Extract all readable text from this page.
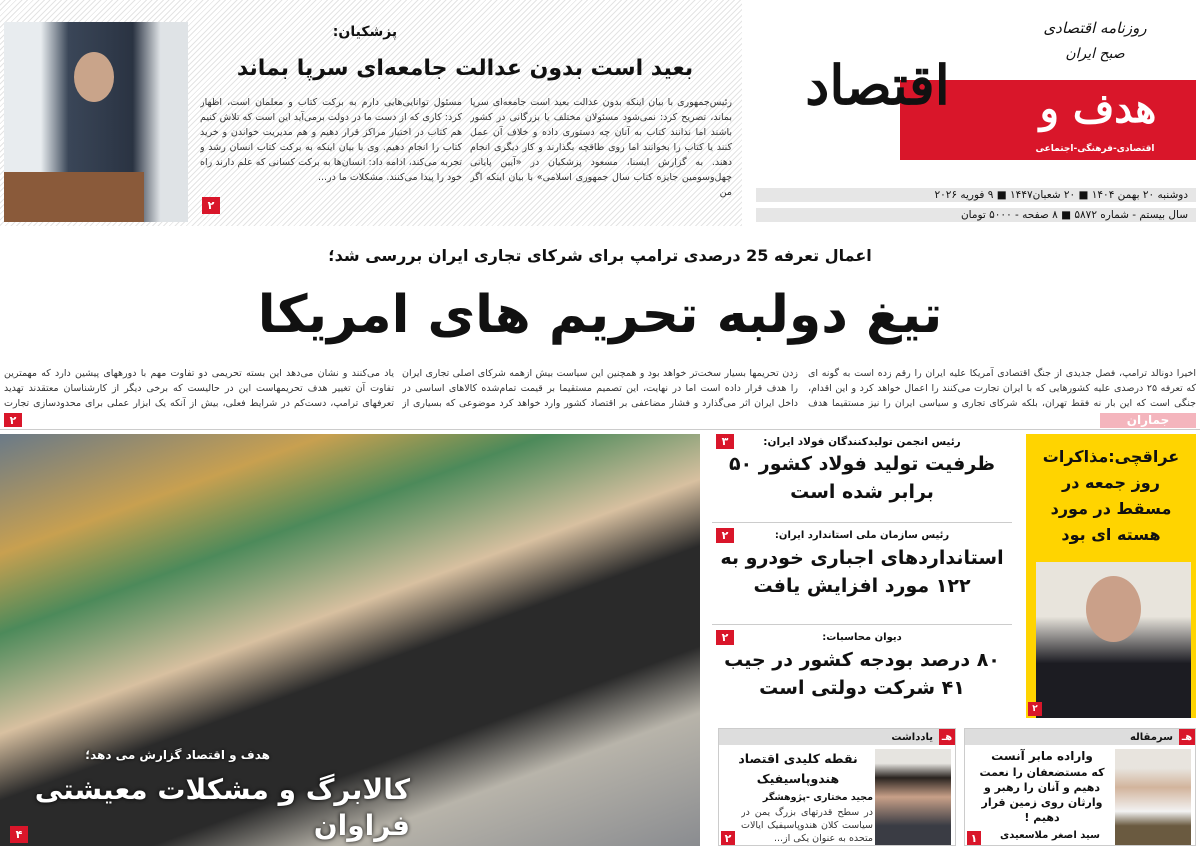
۲
پزشکیان:
بعید است بدون عدالت جامعه‌ای سرپا بماند
رئیس‌جمهوری با بیان اینکه بدون عدالت بعید است جامعه‌ای سرپا بماند، تصریح کرد: نمی‌شود مسئولان مختلف یا بزرگانی در کشور باشند اما ندانند کتاب به آنان چه دستوری داده و خلاف آن عمل کنند یا کتاب را بخوانند اما روی طاقچه بگذارند و کار دیگری انجام دهند. به گزارش ایسنا، مسعود پزشکیان در «آیین پایانی چهل‌وسومین جایزه کتاب سال جمهوری اسلامی» با بیان اینکه اگر من
مسئول توانایی‌هایی دارم به برکت کتاب و معلمان است، اظهار کرد: کاری که از دست ما در دولت برمی‌آید این است که تلاش کنیم هم کتاب در اختیار مراکز قرار دهیم و هم مدیریت خواندن و خرید کتاب را انجام دهیم. وی با بیان اینکه به برکت کتاب انسان رشد و تجربه می‌کند، ادامه داد: انسان‌ها به برکت کسانی که علم دارند راه خود را پیدا می‌کنند. مشکلات ما در...
روزنامه اقتصادی
صبح ایران
اقتصاد	هدف و
اقتصادی-فرهنگی-اجتماعی
دوشنبه ۲۰ بهمن ۱۴۰۴ ■ ۲۰ شعبان۱۴۴۷ ■ ۹ فوریه ۲۰۲۶
سال بیستم - شماره ۵۸۷۲ ■ ۸ صفحه - ۵۰۰۰ تومان
اعمال تعرفه 25 درصدی ترامپ برای شرکای تجاری ایران بررسی شد؛
تیغ دولبه تحریم های امریکا
اخیرا دونالد ترامپ، فصل جدیدی از جنگ اقتصادی آمریکا علیه ایران را رقم زده است به گونه ای که تعرفه ۲۵ درصدی علیه کشورهایی که با ایران تجارت می‌کنند را اعمال خواهد کرد و این اقدام، جنگی است که این بار نه فقط تهران، بلکه شرکای تجاری و سیاسی ایران را نیز مستقیما هدف
زدن تحریمها بسیار سخت‌تر خواهد بود و همچنین این سیاست بیش ازهمه شرکای اصلی تجاری ایران را هدف قرار داده است اما در نهایت، این تصمیم مستقیما بر قیمت تمام‌شده کالاهای اساسی در داخل ایران اثر می‌گذارد و فشار مضاعفی بر اقتصاد کشور وارد خواهد کرد موضوعی که بسیاری از
یاد می‌کنند و نشان می‌دهد این بسته تحریمی دو تفاوت مهم با دورههای پیشین دارد که مهمترین تفاوت آن تغییر هدف تحریمهاست این در حالیست که برخی دیگر از کارشناسان معتقدند تهدید تعرفهای ترامپ، دست‌کم در شرایط فعلی، بیش از آنکه یک ابزار عملی برای محدودسازی تجارت
۲	جماران
هدف و اقتصاد گزارش می دهد؛
کالابرگ و مشکلات معیشتی فراوان
۴
رئیس انجمن تولیدکنندگان فولاد ایران:
ظرفیت تولید فولاد کشور ۵۰ برابر شده است
۳
رئیس سازمان ملی استاندارد ایران:
استانداردهای اجباری خودرو به ۱۲۲ مورد افزایش یافت
۲
دیوان محاسبات:
۸۰ درصد بودجه کشور در جیب ۴۱ شرکت دولتی است
۲
عراقچی:مذاکرات روز جمعه در مسقط در مورد هسته ای بود
۲
هـ
سرمقاله
واراده مابر آنست
که مستضعفان را نعمت دهیم و آنان را رهبر و وارثان روی زمین قرار دهیم !
سید اصغر ملاسعیدی
۱
هـ
یادداشت
نقطه کلیدی اقتصاد هندوپاسیفیک
مجید مختاری -پژوهشگر
در سطح قدرتهای بزرگ یمن در سیاست کلان هندوپاسیفیک ایالات متحده به عنوان یکی از...
۲
